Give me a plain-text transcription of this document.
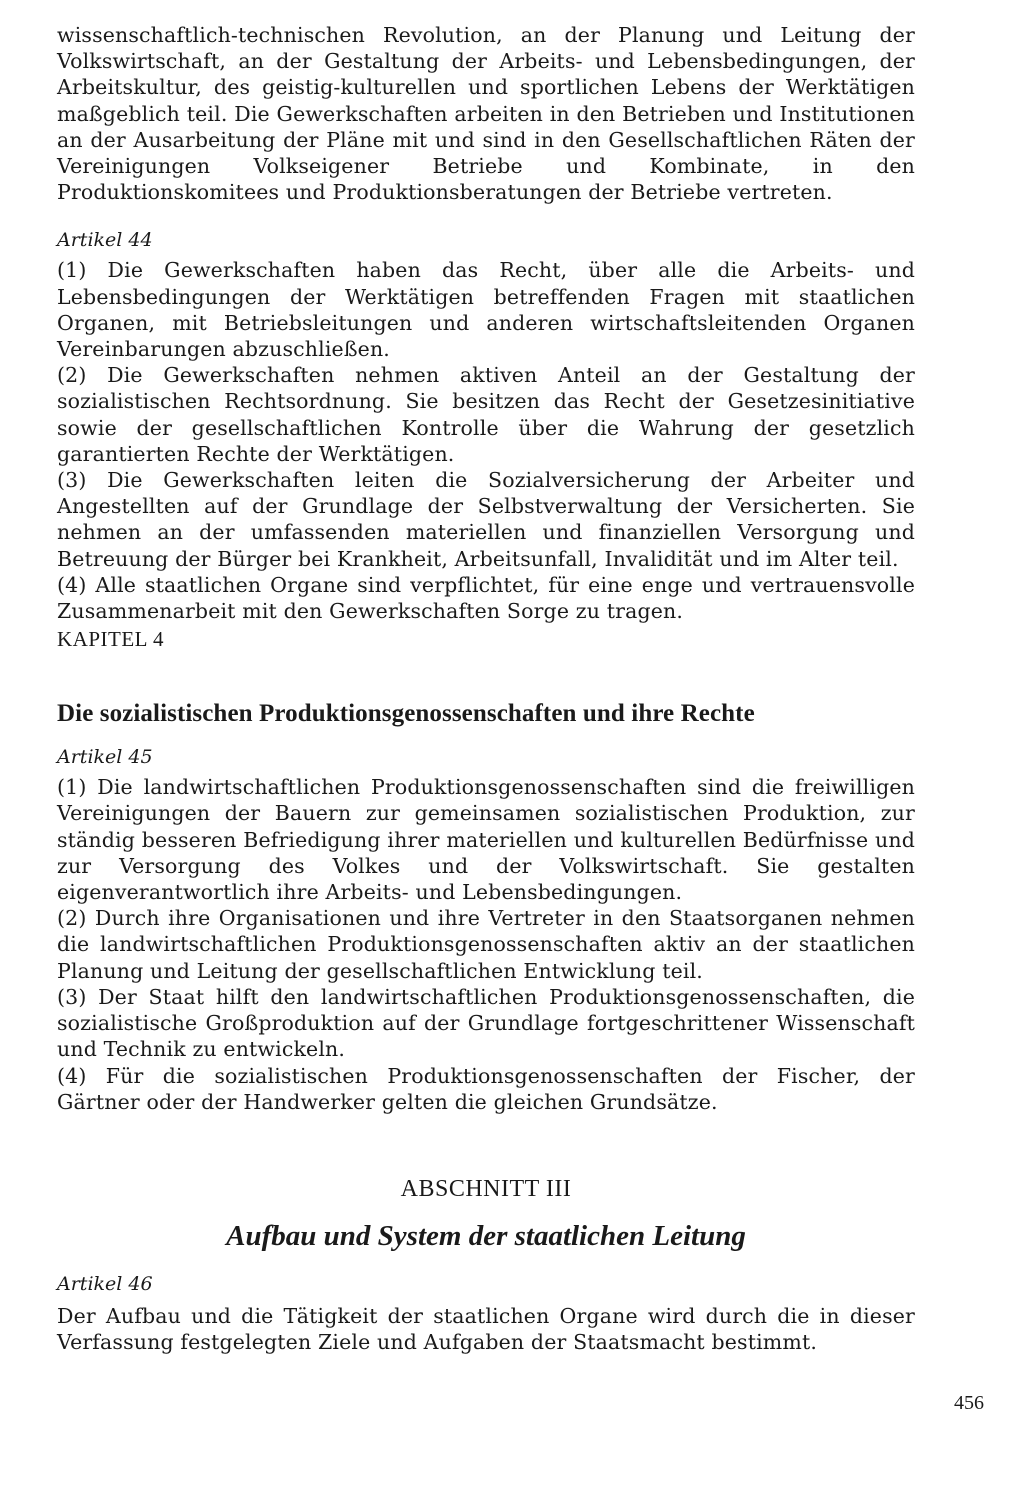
wissenschaftlich-technischen Revolution, an der Planung und Leitung der Volkswirtschaft, an der Gestaltung der Arbeits- und Lebensbedingungen, der Arbeitskultur, des geistig-kulturellen und sportlichen Lebens der Werktätigen maßgeblich teil. Die Gewerkschaften arbeiten in den Betrieben und Institutionen an der Ausarbeitung der Pläne mit und sind in den Gesellschaftlichen Räten der Vereinigungen Volkseigener Betriebe und Kombinate, in den Produktionskomitees und Produktionsberatungen der Betriebe vertreten.

Artikel 44

(1) Die Gewerkschaften haben das Recht, über alle die Arbeits- und Lebensbedingungen der Werktätigen betreffenden Fragen mit staatlichen Organen, mit Betriebsleitungen und anderen wirtschaftsleitenden Organen Vereinbarungen abzuschließen.

(2) Die Gewerkschaften nehmen aktiven Anteil an der Gestaltung der sozialistischen Rechtsordnung. Sie besitzen das Recht der Gesetzesinitiative sowie der gesellschaftlichen Kontrolle über die Wahrung der gesetzlich garantierten Rechte der Werktätigen.

(3) Die Gewerkschaften leiten die Sozialversicherung der Arbeiter und Angestellten auf der Grundlage der Selbstverwaltung der Versicherten. Sie nehmen an der umfassenden materiellen und finanziellen Versorgung und Betreuung der Bürger bei Krankheit, Arbeitsunfall, Invalidität und im Alter teil.

(4) Alle staatlichen Organe sind verpflichtet, für eine enge und vertrauensvolle Zusammenarbeit mit den Gewerkschaften Sorge zu tragen.

KAPITEL 4

Die sozialistischen Produktionsgenossenschaften und ihre Rechte

Artikel 45

(1) Die landwirtschaftlichen Produktionsgenossenschaften sind die freiwilligen Vereinigungen der Bauern zur gemeinsamen sozialistischen Produktion, zur ständig besseren Befriedigung ihrer materiellen und kulturellen Bedürfnisse und zur Versorgung des Volkes und der Volkswirtschaft. Sie gestalten eigenverantwortlich ihre Arbeits- und Lebensbedingungen.

(2) Durch ihre Organisationen und ihre Vertreter in den Staatsorganen nehmen die landwirtschaftlichen Produktionsgenossenschaften aktiv an der staatlichen Planung und Leitung der gesellschaftlichen Entwicklung teil.

(3) Der Staat hilft den landwirtschaftlichen Produktionsgenossenschaften, die sozialistische Großproduktion auf der Grundlage fortgeschrittener Wissenschaft und Technik zu entwickeln.

(4) Für die sozialistischen Produktionsgenossenschaften der Fischer, der Gärtner oder der Handwerker gelten die gleichen Grundsätze.

ABSCHNITT III

Aufbau und System der staatlichen Leitung

Artikel 46

Der Aufbau und die Tätigkeit der staatlichen Organe wird durch die in dieser Verfassung festgelegten Ziele und Aufgaben der Staatsmacht bestimmt.

456
